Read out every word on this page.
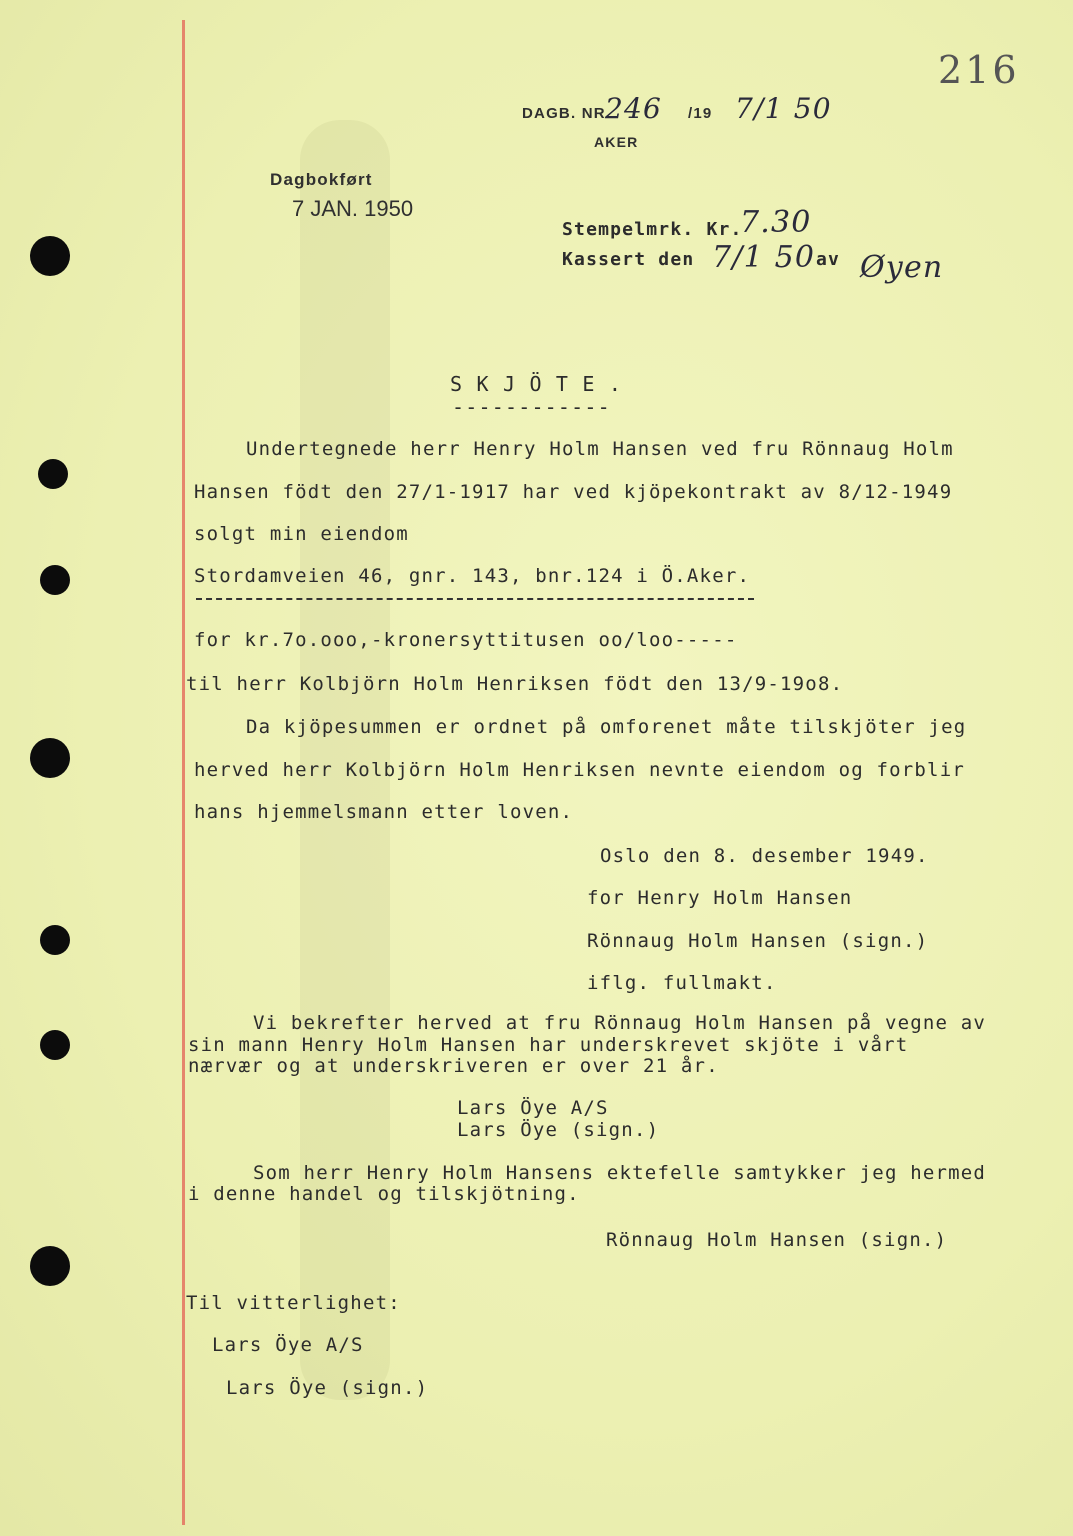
216
DAGB. NR.
246 /19 7/1 50
AKER
Dagbokført
7 JAN. 1950
Stempelmrk. Kr.
7.30
Kassert den 7/1 50 av Øyen
S K J Ö T E .
------------
Undertegnede herr Henry Holm Hansen ved fru Rönnaug Holm
Hansen födt den 27/1-1917 har ved kjöpekontrakt av 8/12-1949
solgt min eiendom
Stordamveien 46, gnr. 143, bnr.124 i Ö.Aker.
for kr.7o.ooo,-kronersyttitusen oo/loo-----
til herr Kolbjörn Holm Henriksen födt den 13/9-19o8.
Da kjöpesummen er ordnet på omforenet måte tilskjöter jeg
herved herr Kolbjörn Holm Henriksen nevnte eiendom og forblir
hans hjemmelsmann etter loven.
Oslo den 8. desember 1949.
for Henry Holm Hansen
Rönnaug Holm Hansen (sign.)
iflg. fullmakt.
Vi bekrefter herved at fru Rönnaug Holm Hansen på vegne av
sin mann Henry Holm Hansen har underskrevet skjöte i vårt
nærvær og at underskriveren er over 21 år.
Lars Öye A/S
Lars Öye (sign.)
Som herr Henry Holm Hansens ektefelle samtykker jeg hermed
i denne handel og tilskjötning.
Rönnaug Holm Hansen (sign.)
Til vitterlighet:
Lars Öye A/S
Lars Öye (sign.)
